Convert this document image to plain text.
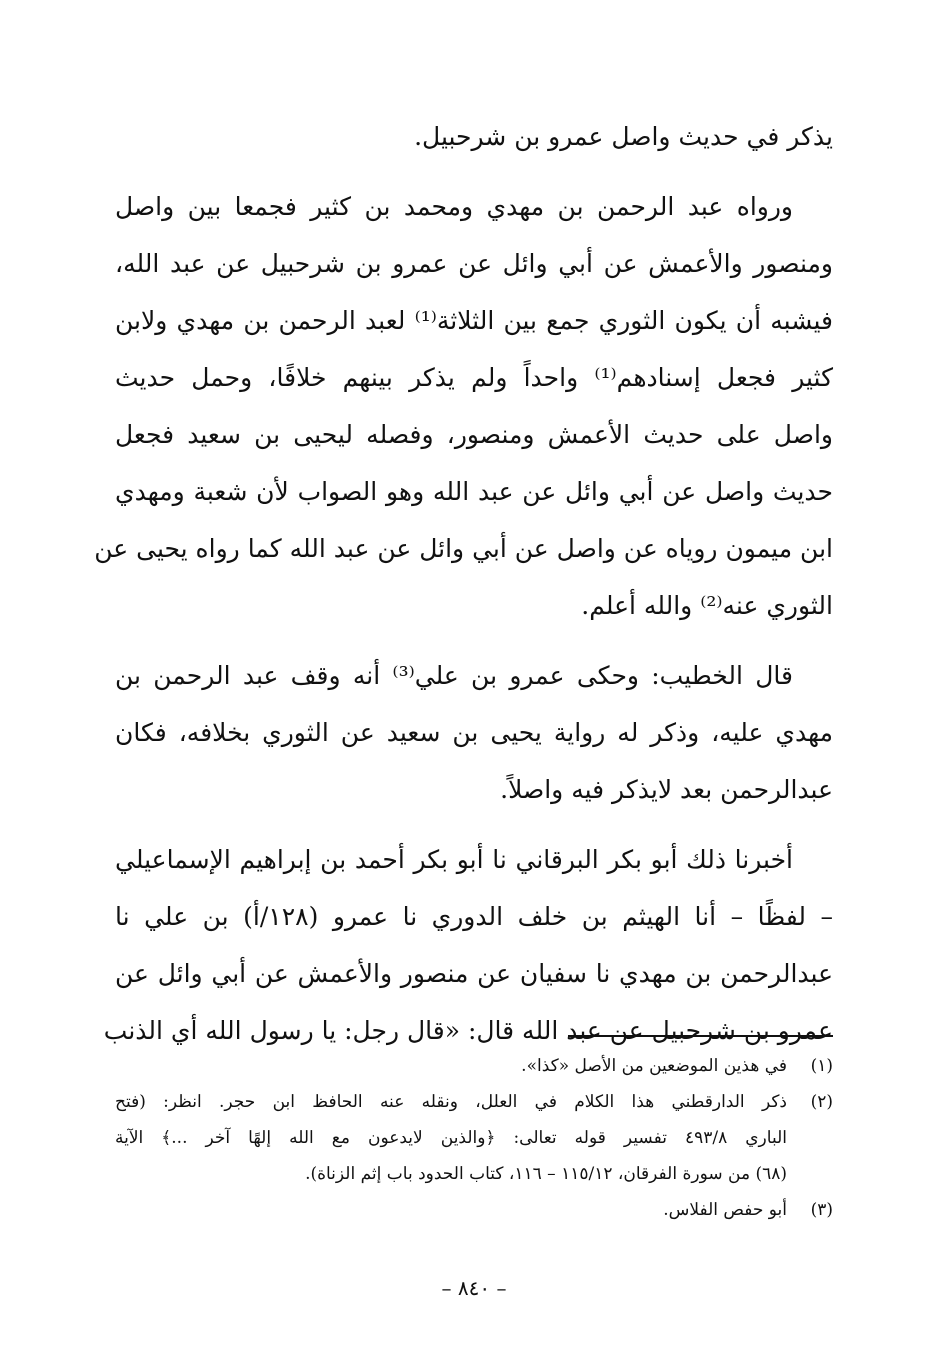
يذكر في حديث واصل عمرو بن شرحبيل.

ورواه عبد الرحمن بن مهدي ومحمد بن كثير فجمعا بين واصل
ومنصور والأعمش عن أبي وائل عن عمرو بن شرحبيل عن عبد الله،
فيشبه أن يكون الثوري جمع بين الثلاثة⁽¹⁾ لعبد الرحمن بن مهدي ولابن
كثير فجعل إسنادهم⁽¹⁾ واحداً ولم يذكر بينهم خلافًا، وحمل حديث
واصل على حديث الأعمش ومنصور، وفصله ليحيى بن سعيد فجعل
حديث واصل عن أبي وائل عن عبد الله وهو الصواب لأن شعبة ومهدي
ابن ميمون روياه عن واصل عن أبي وائل عن عبد الله كما رواه يحيى عن
الثوري عنه⁽²⁾ والله أعلم.

قال الخطيب: وحكى عمرو بن علي⁽³⁾ أنه وقف عبد الرحمن بن
مهدي عليه، وذكر له رواية يحيى بن سعيد عن الثوري بخلافه، فكان
عبدالرحمن بعد لايذكر فيه واصلاً.

أخبرنا ذلك أبو بكر البرقاني نا أبو بكر أحمد بن إبراهيم الإسماعيلي
– لفظًا – أنا الهيثم بن خلف الدوري نا عمرو (١٢٨/أ) بن علي نا
عبدالرحمن بن مهدي نا سفيان عن منصور والأعمش عن أبي وائل عن
عمرو بن شرحبيل عن عبد الله قال: «قال رجل: يا رسول الله أي الذنب

(١)
في هذين الموضعين من الأصل «كذا».
(٢)
ذكر الدارقطني هذا الكلام في العلل، ونقله عنه الحافظ ابن حجر. انظر: (فتح
الباري ٤٩٣/٨ تفسير قوله تعالى: ﴿والذين لايدعون مع الله إلهًا آخر ...﴾ الآية
(٦٨) من سورة الفرقان، ١١٥/١٢ – ١١٦، كتاب الحدود باب إثم الزناة).
(٣)
أبو حفص الفلاس.
– ٨٤٠ –
